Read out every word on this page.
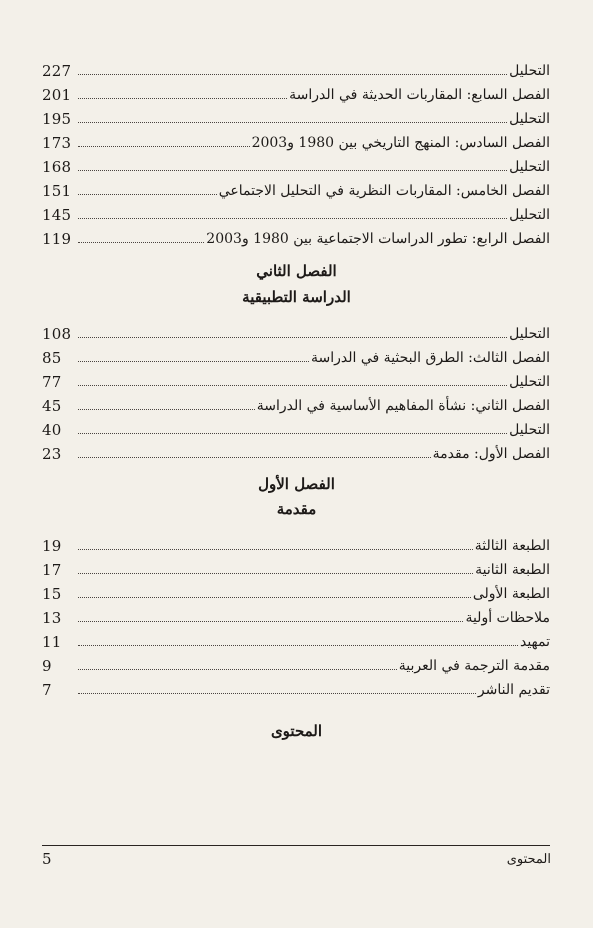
227	التحليل
201	الفصل السابع: المقاربات الحديثة في الدراسة
195	التحليل
173	الفصل السادس: المنهج التاريخي بين 1980 و2003
168	التحليل
151	الفصل الخامس: المقاربات النظرية في التحليل الاجتماعي
145	التحليل
119	الفصل الرابع: تطور الدراسات الاجتماعية بين 1980 و2003
الفصل الثاني
الدراسة التطبيقية
108	التحليل
85	الفصل الثالث: الطرق البحثية في الدراسة
77	التحليل
45	الفصل الثاني: نشأة المفاهيم الأساسية في الدراسة
40	التحليل
23	الفصل الأول: مقدمة
الفصل الأول
مقدمة
19	الطبعة الثالثة
17	الطبعة الثانية
15	الطبعة الأولى
13	ملاحظات أولية
11	تمهيد
9	مقدمة الترجمة في العربية
7	تقديم الناشر
المحتوى
5	المحتوى
